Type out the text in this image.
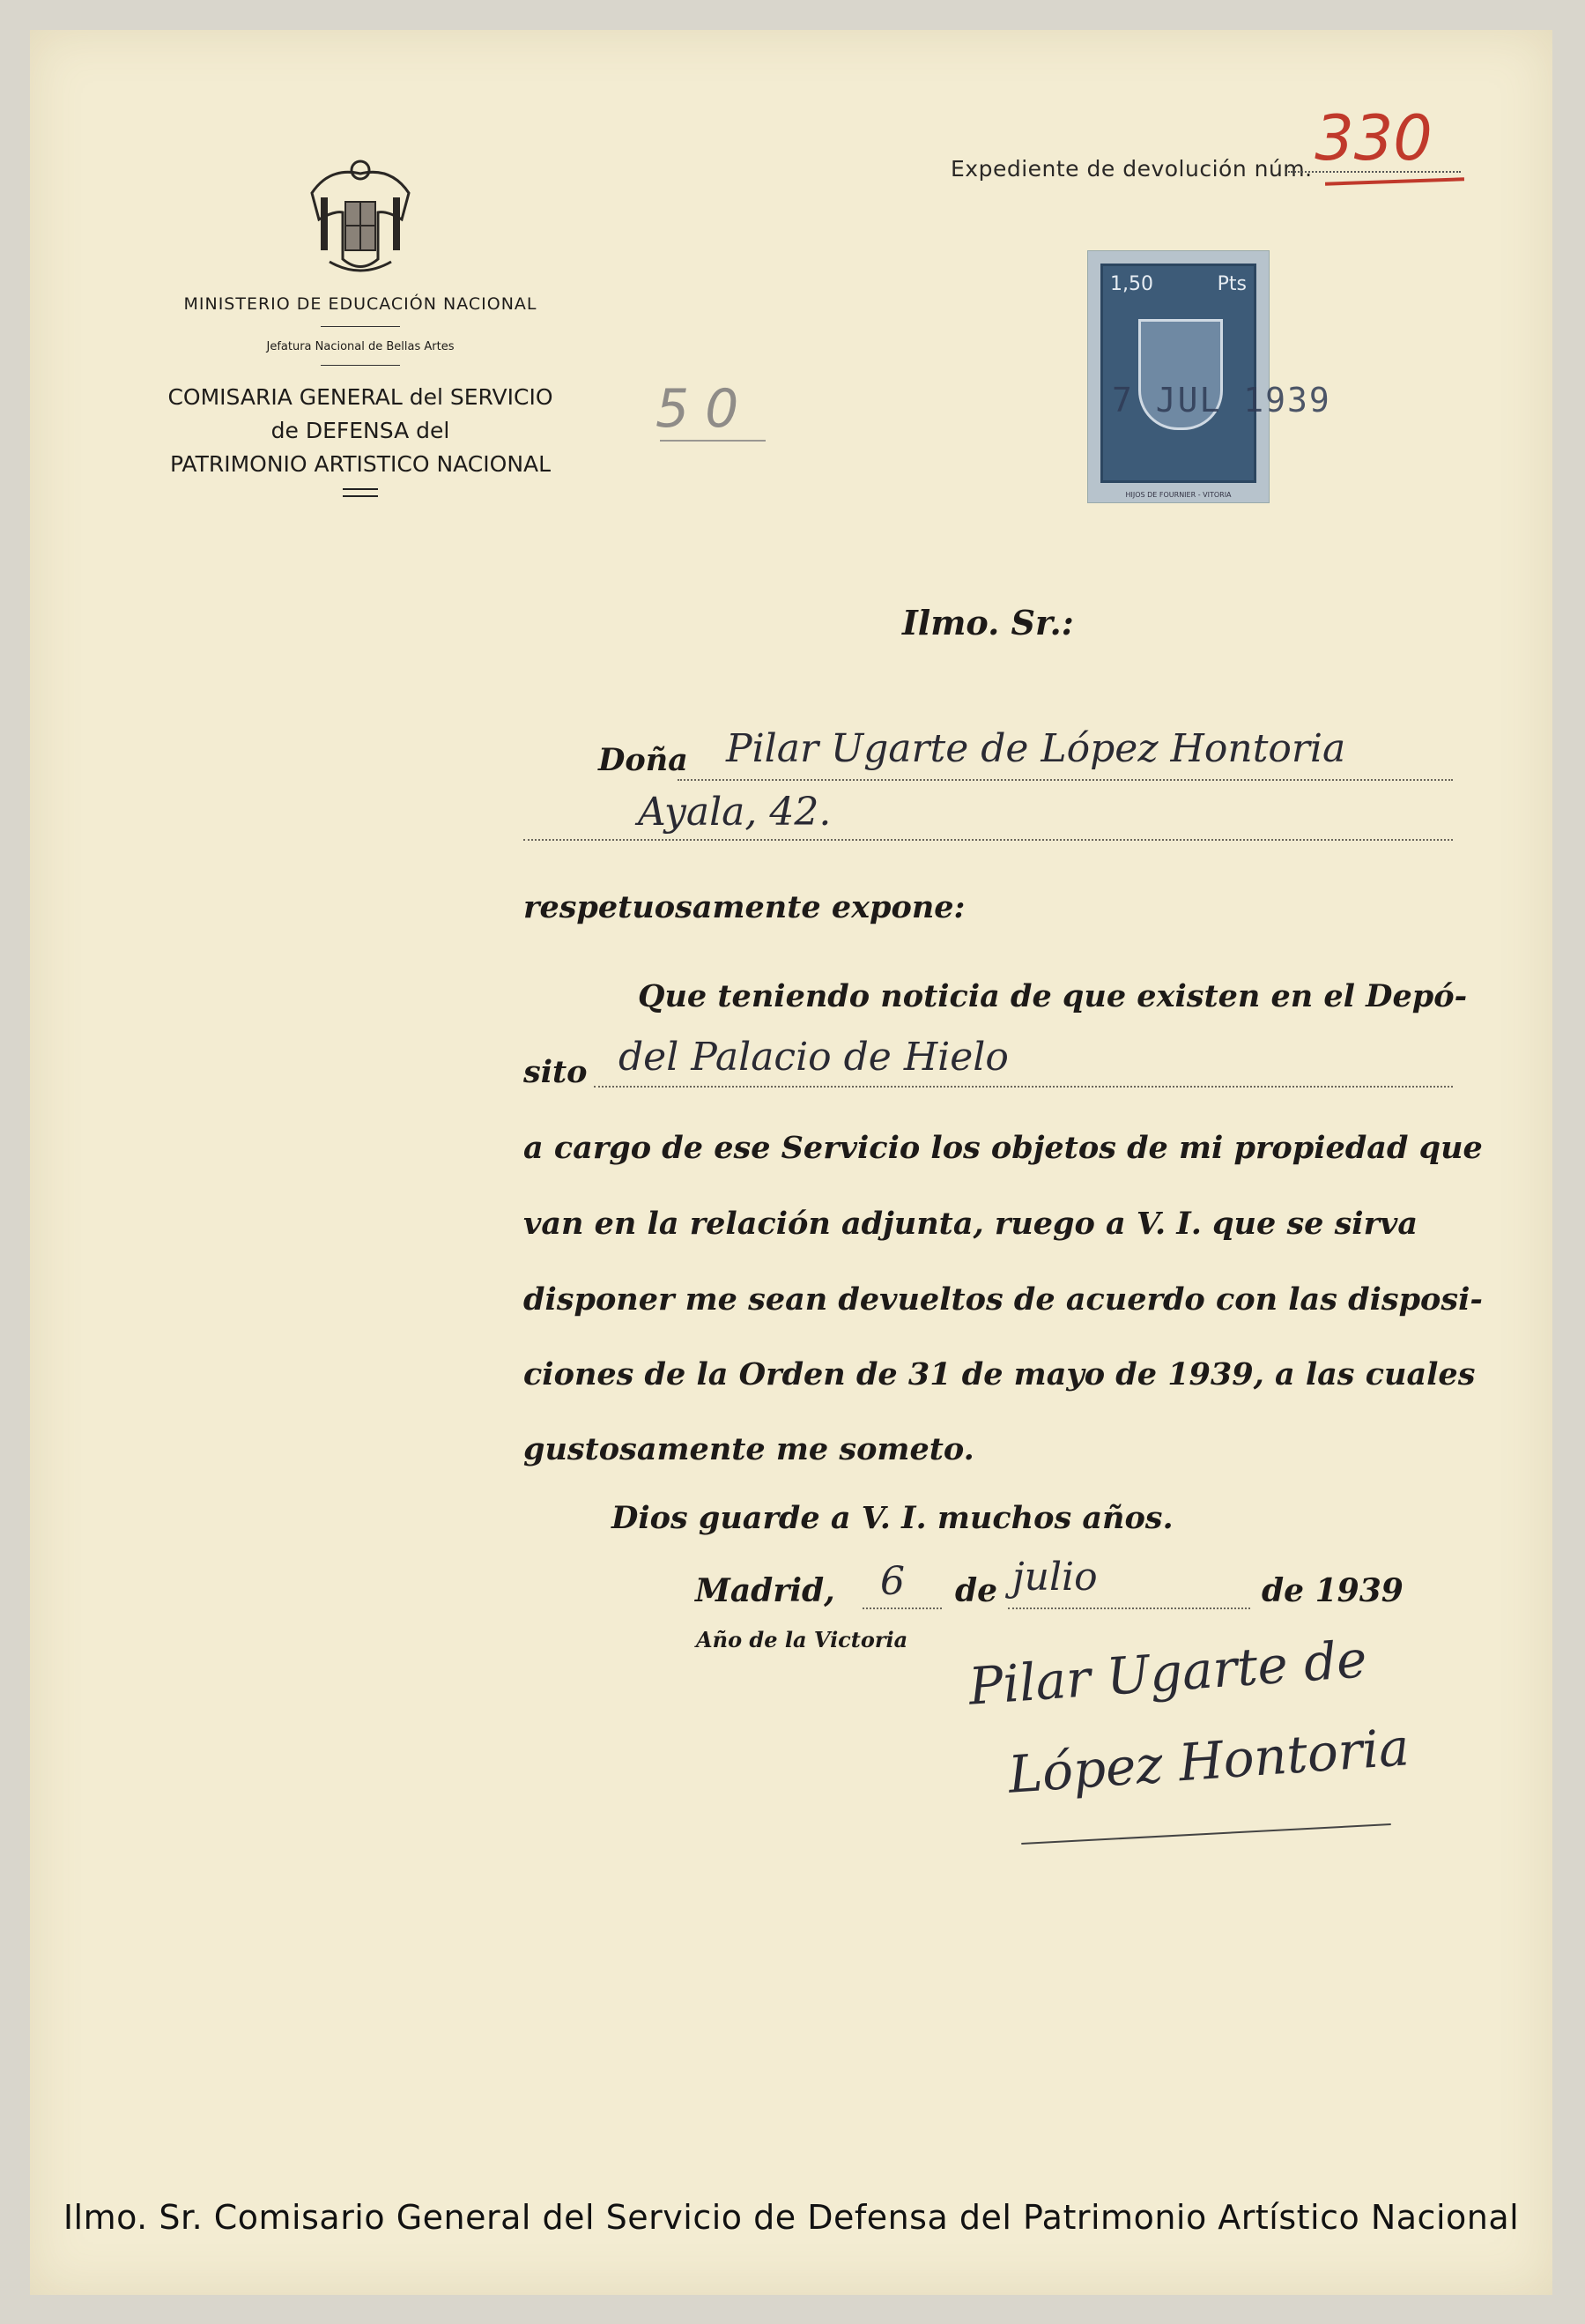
Expediente de devolución núm. 330
MINISTERIO DE EDUCACIÓN NACIONAL
Jefatura Nacional de Bellas Artes
COMISARIA GENERAL del SERVICIO
de DEFENSA del
PATRIMONIO ARTISTICO NACIONAL
50
1,50	Pts
HIJOS DE FOURNIER - VITORIA
7 JUL 1939
Ilmo. Sr.:
Doña Pilar Ugarte de López Hontoria
Ayala, 42.
respetuosamente expone:
Que teniendo noticia de que existen en el Depó-
sito del Palacio de Hielo
a cargo de ese Servicio los objetos de mi propiedad que
van en la relación adjunta, ruego a V. I. que se sirva
disponer me sean devueltos de acuerdo con las disposi-
ciones de la Orden de 31 de mayo de 1939, a las cuales
gustosamente me someto.
Dios guarde a V. I. muchos años.
Madrid, 6 de julio	de 1939
Año de la Victoria Pilar Ugarte de
López Hontoria
Ilmo. Sr. Comisario General del Servicio de Defensa del Patrimonio Artístico Nacional
